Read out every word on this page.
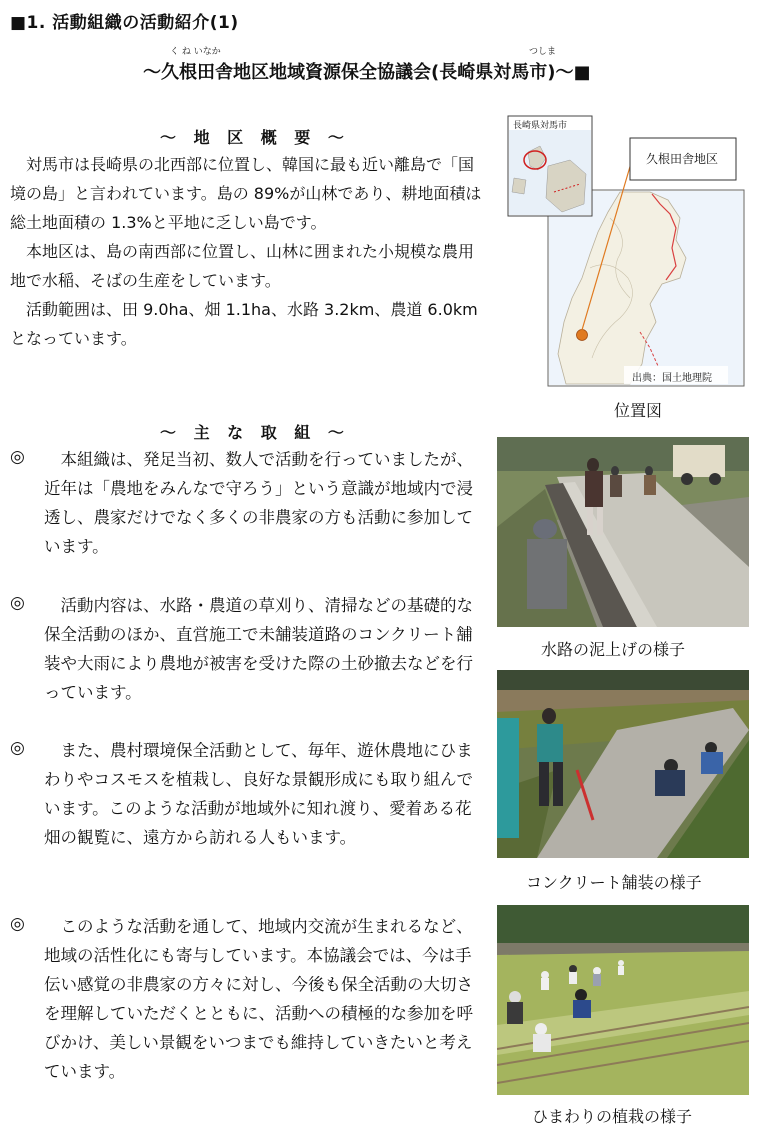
■1. 活動組織の活動紹介(1)
～久根田舎地区地域資源保全協議会(長崎県対馬市)～■
く ね いなか	つしま
～ 地 区 概 要 ～
　対馬市は長崎県の北西部に位置し、韓国に最も近い離島で「国境の島」と言われています。島の 89%が山林であり、耕地面積は総土地面積の 1.3%と平地に乏しい島です。
　本地区は、島の南西部に位置し、山林に囲まれた小規模な農用地で水稲、そばの生産をしています。
　活動範囲は、田 9.0ha、畑 1.1ha、水路 3.2km、農道 6.0km となっています。
長崎県対馬市
久根田舎地区
出典：国土地理院
位置図
～ 主 な 取 組 ～
◎ 　本組織は、発足当初、数人で活動を行っていましたが、近年は「農地をみんなで守ろう」という意識が地域内で浸透し、農家だけでなく多くの非農家の方も活動に参加しています。
◎ 　活動内容は、水路・農道の草刈り、清掃などの基礎的な保全活動のほか、直営施工で未舗装道路のコンクリート舗装や大雨により農地が被害を受けた際の土砂撤去などを行っています。
◎ 　また、農村環境保全活動として、毎年、遊休農地にひまわりやコスモスを植栽し、良好な景観形成にも取り組んでいます。このような活動が地域外に知れ渡り、愛着ある花畑の観覧に、遠方から訪れる人もいます。
◎ 　このような活動を通して、地域内交流が生まれるなど、地域の活性化にも寄与しています。本協議会では、今は手伝い感覚の非農家の方々に対し、今後も保全活動の大切さを理解していただくとともに、活動への積極的な参加を呼びかけ、美しい景観をいつまでも維持していきたいと考えています。
水路の泥上げの様子
コンクリート舗装の様子
ひまわりの植栽の様子
